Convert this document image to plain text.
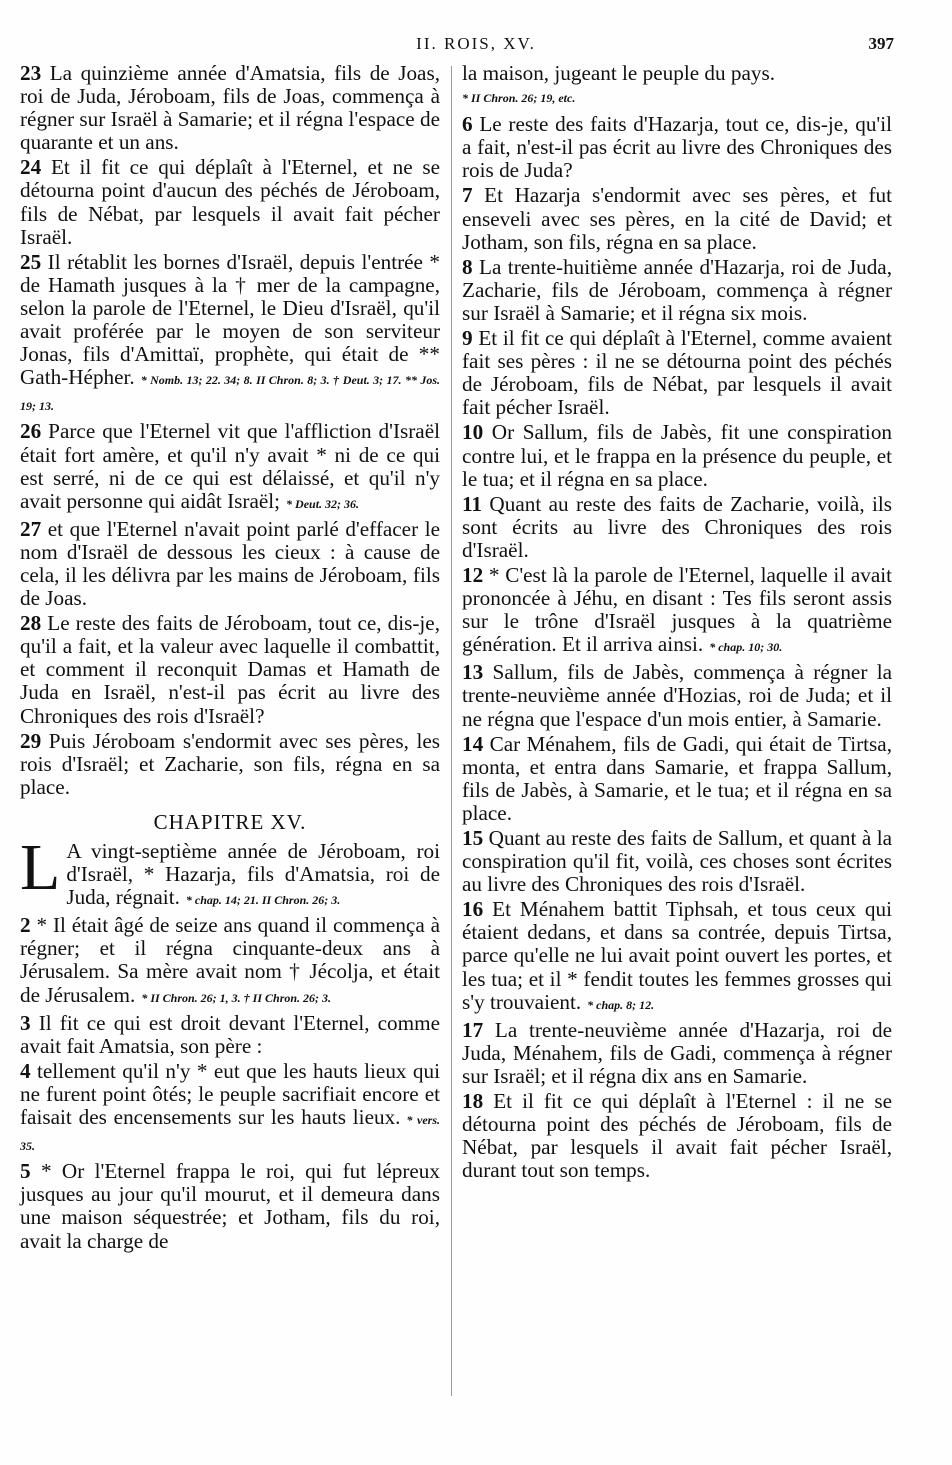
II. ROIS, XV.	397

23 La quinzième année d'Amatsia, fils de Joas, roi de Juda, Jéroboam, fils de Joas, commença à régner sur Israël à Samarie; et il régna l'espace de quarante et un ans.

24 Et il fit ce qui déplaît à l'Eternel, et ne se détourna point d'aucun des péchés de Jéroboam, fils de Nébat, par lesquels il avait fait pécher Israël.

25 Il rétablit les bornes d'Israël, depuis l'entrée * de Hamath jusques à la † mer de la campagne, selon la parole de l'Eternel, le Dieu d'Israël, qu'il avait proférée par le moyen de son serviteur Jonas, fils d'Amittaï, prophète, qui était de ** Gath-Hépher. * Nomb. 13; 22. 34; 8. II Chron. 8; 3. † Deut. 3; 17. ** Jos. 19; 13.

26 Parce que l'Eternel vit que l'affliction d'Israël était fort amère, et qu'il n'y avait * ni de ce qui est serré, ni de ce qui est délaissé, et qu'il n'y avait personne qui aidât Israël; * Deut. 32; 36.

27 et que l'Eternel n'avait point parlé d'effacer le nom d'Israël de dessous les cieux : à cause de cela, il les délivra par les mains de Jéroboam, fils de Joas.

28 Le reste des faits de Jéroboam, tout ce, dis-je, qu'il a fait, et la valeur avec laquelle il combattit, et comment il reconquit Damas et Hamath de Juda en Israël, n'est-il pas écrit au livre des Chroniques des rois d'Israël?

29 Puis Jéroboam s'endormit avec ses pères, les rois d'Israël; et Zacharie, son fils, régna en sa place.

CHAPITRE XV.

L A vingt-septième année de Jéroboam, roi d'Israël, * Hazarja, fils d'Amatsia, roi de Juda, régnait. * chap. 14; 21. II Chron. 26; 3.

2 * Il était âgé de seize ans quand il commença à régner; et il régna cinquante-deux ans à Jérusalem. Sa mère avait nom † Jécolja, et était de Jérusalem. * II Chron. 26; 1, 3. † II Chron. 26; 3.

3 Il fit ce qui est droit devant l'Eternel, comme avait fait Amatsia, son père :

4 tellement qu'il n'y * eut que les hauts lieux qui ne furent point ôtés; le peuple sacrifiait encore et faisait des encensements sur les hauts lieux. * vers. 35.

5 * Or l'Eternel frappa le roi, qui fut lépreux jusques au jour qu'il mourut, et il demeura dans une maison séquestrée; et Jotham, fils du roi, avait la charge de

la maison, jugeant le peuple du pays.

* II Chron. 26; 19, etc.

6 Le reste des faits d'Hazarja, tout ce, dis-je, qu'il a fait, n'est-il pas écrit au livre des Chroniques des rois de Juda?

7 Et Hazarja s'endormit avec ses pères, et fut enseveli avec ses pères, en la cité de David; et Jotham, son fils, régna en sa place.

8 La trente-huitième année d'Hazarja, roi de Juda, Zacharie, fils de Jéroboam, commença à régner sur Israël à Samarie; et il régna six mois.

9 Et il fit ce qui déplaît à l'Eternel, comme avaient fait ses pères : il ne se détourna point des péchés de Jéroboam, fils de Nébat, par lesquels il avait fait pécher Israël.

10 Or Sallum, fils de Jabès, fit une conspiration contre lui, et le frappa en la présence du peuple, et le tua; et il régna en sa place.

11 Quant au reste des faits de Zacharie, voilà, ils sont écrits au livre des Chroniques des rois d'Israël.

12 * C'est là la parole de l'Eternel, laquelle il avait prononcée à Jéhu, en disant : Tes fils seront assis sur le trône d'Israël jusques à la quatrième génération. Et il arriva ainsi. * chap. 10; 30.

13 Sallum, fils de Jabès, commença à régner la trente-neuvième année d'Hozias, roi de Juda; et il ne régna que l'espace d'un mois entier, à Samarie.

14 Car Ménahem, fils de Gadi, qui était de Tirtsa, monta, et entra dans Samarie, et frappa Sallum, fils de Jabès, à Samarie, et le tua; et il régna en sa place.

15 Quant au reste des faits de Sallum, et quant à la conspiration qu'il fit, voilà, ces choses sont écrites au livre des Chroniques des rois d'Israël.

16 Et Ménahem battit Tiphsah, et tous ceux qui étaient dedans, et dans sa contrée, depuis Tirtsa, parce qu'elle ne lui avait point ouvert les portes, et les tua; et il * fendit toutes les femmes grosses qui s'y trouvaient. * chap. 8; 12.

17 La trente-neuvième année d'Hazarja, roi de Juda, Ménahem, fils de Gadi, commença à régner sur Israël; et il régna dix ans en Samarie.

18 Et il fit ce qui déplaît à l'Eternel : il ne se détourna point des péchés de Jéroboam, fils de Nébat, par lesquels il avait fait pécher Israël, durant tout son temps.
